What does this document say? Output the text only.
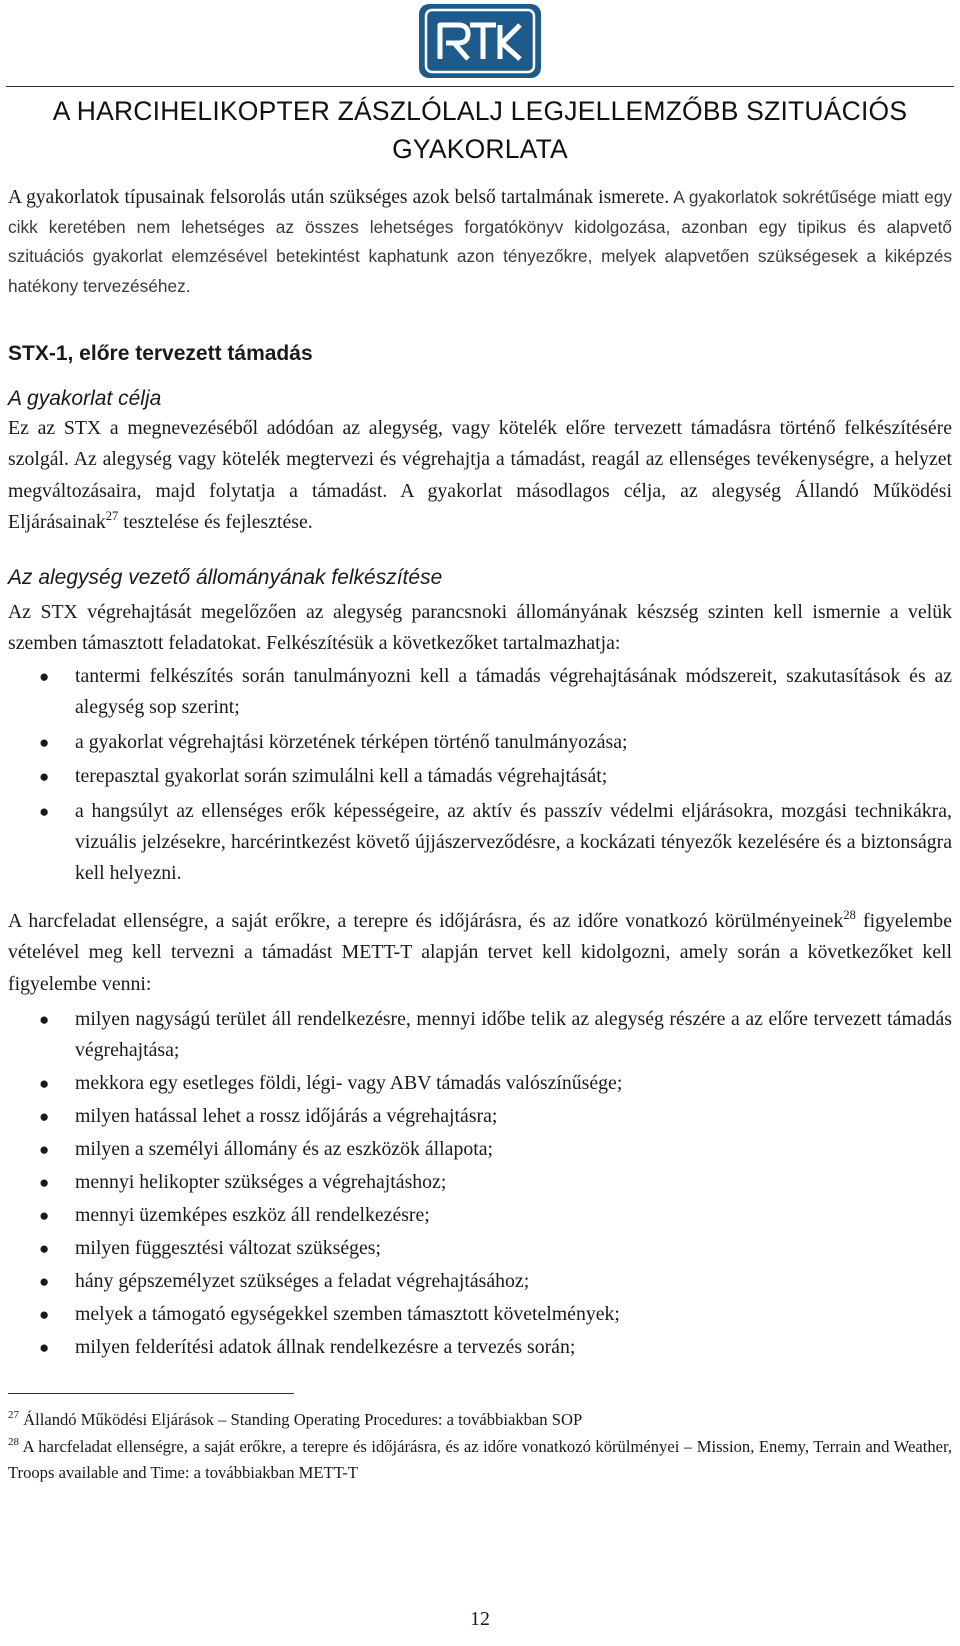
A HARCIHELIKOPTER ZÁSZLÓLALJ LEGJELLEMZŐBB SZITUÁCIÓS GYAKORLATA

A gyakorlatok típusainak felsorolás után szükséges azok belső tartalmának ismerete. A gyakorlatok sokrétűsége miatt egy cikk keretében nem lehetséges az összes lehetséges forgatókönyv kidolgozása, azonban egy tipikus és alapvető szituációs gyakorlat elemzésével betekintést kaphatunk azon tényezőkre, melyek alapvetően szükségesek a kiképzés hatékony tervezéséhez.

STX-1, előre tervezett támadás
A gyakorlat célja

Ez az STX a megnevezéséből adódóan az alegység, vagy kötelék előre tervezett támadásra történő felkészítésére szolgál. Az alegység vagy kötelék megtervezi és végrehajtja a támadást, reagál az ellenséges tevékenységre, a helyzet megváltozásaira, majd folytatja a támadást. A gyakorlat másodlagos célja, az alegység Állandó Működési Eljárásainak$^{27}$ tesztelése és fejlesztése.

Az alegység vezető állományának felkészítése

Az STX végrehajtását megelőzően az alegység parancsnoki állományának készség szinten kell ismernie a velük szemben támasztott feladatokat. Felkészítésük a következőket tartalmazhatja:

● tantermi felkészítés során tanulmányozni kell a támadás végrehajtásának módszereit, szakutasítások és az alegység sop szerint;
● a gyakorlat végrehajtási körzetének térképen történő tanulmányozása;
● terepasztal gyakorlat során szimulálni kell a támadás végrehajtását;
● a hangsúlyt az ellenséges erők képességeire, az aktív és passzív védelmi eljárásokra, mozgási technikákra, vizuális jelzésekre, harcérintkezést követő újjászerveződésre, a kockázati tényezők kezelésére és a biztonságra kell helyezni.

A harcfeladat ellenségre, a saját erőkre, a terepre és időjárásra, és az időre vonatkozó körülményeinek$^{28}$ figyelembe vételével meg kell tervezni a támadást METT-T alapján tervet kell kidolgozni, amely során a következőket kell figyelembe venni:

● milyen nagyságú terület áll rendelkezésre, mennyi időbe telik az alegység részére a az előre tervezett támadás végrehajtása;
● mekkora egy esetleges földi, légi- vagy ABV támadás valószínűsége;
● milyen hatással lehet a rossz időjárás a végrehajtásra;
● milyen a személyi állomány és az eszközök állapota;
● mennyi helikopter szükséges a végrehajtáshoz;
● mennyi üzemképes eszköz áll rendelkezésre;
● milyen függesztési változat szükséges;
● hány gépszemélyzet szükséges a feladat végrehajtásához;
● melyek a támogató egységekkel szemben támasztott követelmények;
● milyen felderítési adatok állnak rendelkezésre a tervezés során;

$^{27}$ Állandó Működési Eljárások – Standing Operating Procedures: a továbbiakban SOP

$^{28}$ A harcfeladat ellenségre, a saját erőkre, a terepre és időjárásra, és az időre vonatkozó körülményei – Mission, Enemy, Terrain and Weather, Troops available and Time: a továbbiakban METT-T

12
